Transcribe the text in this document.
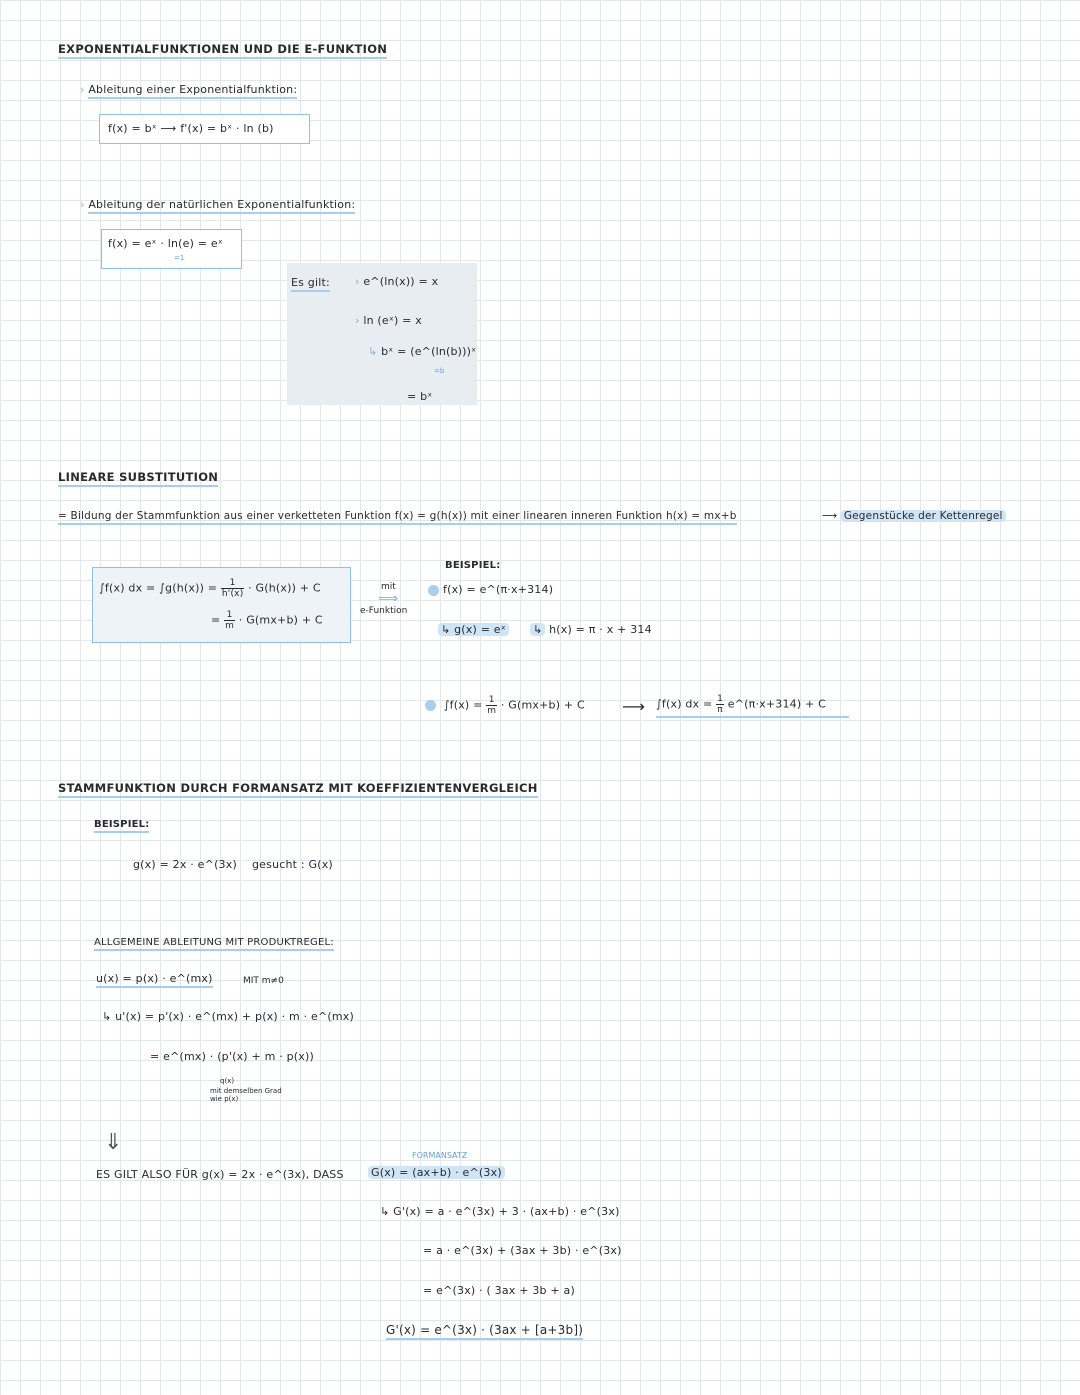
EXPONENTIALFUNKTIONEN UND DIE E-FUNKTION
› Ableitung einer Exponentialfunktion:
f(x) = bˣ ⟶ f'(x) = bˣ · ln (b)
› Ableitung der natürlichen Exponentialfunktion:
f(x) = eˣ · ln(e) = eˣ
=1
Es gilt: › e^(ln(x)) = x
› ln (eˣ) = x
↳ bˣ = (e^(ln(b)))ˣ
=b
= bˣ
LINEARE SUBSTITUTION
= Bildung der Stammfunktion aus einer verketteten Funktion f(x) = g(h(x)) mit einer linearen inneren Funktion h(x) = mx+b	⟶ Gegenstücke der Kettenregel
∫f(x) dx = $\int g(h(x)) = \frac{1}{h'(x)} \cdot G(h(x)) + C$
= $\frac{1}{m} \cdot G(mx+b) + C$
mit
⟹
e-Funktion
BEISPIEL:
f(x) = e^(π·x+314)
↳ g(x) = eˣ ↳ h(x) = π · x + 314
$\int f(x) = \frac{1}{m} \cdot G(mx+b) + C$ ⟶ ∫f(x) dx = $\frac{1}{\pi}$ e^(π·x+314) + C
STAMMFUNKTION DURCH FORMANSATZ MIT KOEFFIZIENTENVERGLEICH
BEISPIEL:
g(x) = 2x · e^(3x) gesucht : G(x)
ALLGEMEINE ABLEITUNG MIT PRODUKTREGEL:
u(x) = p(x) · e^(mx)	MIT m≠0
↳ u'(x) = p'(x) · e^(mx) + p(x) · m · e^(mx)
= e^(mx) · (p'(x) + m · p(x))
q(x)
mit demselben Grad wie p(x)
⇓
ES GILT ALSO FÜR g(x) = 2x · e^(3x), DASS
FORMANSATZ
G(x) = (ax+b) · e^(3x)
↳ G'(x) = a · e^(3x) + 3 · (ax+b) · e^(3x)
= a · e^(3x) + (3ax + 3b) · e^(3x)
= e^(3x) · ( 3ax + 3b + a)
G'(x) = e^(3x) · (3ax + [a+3b])
